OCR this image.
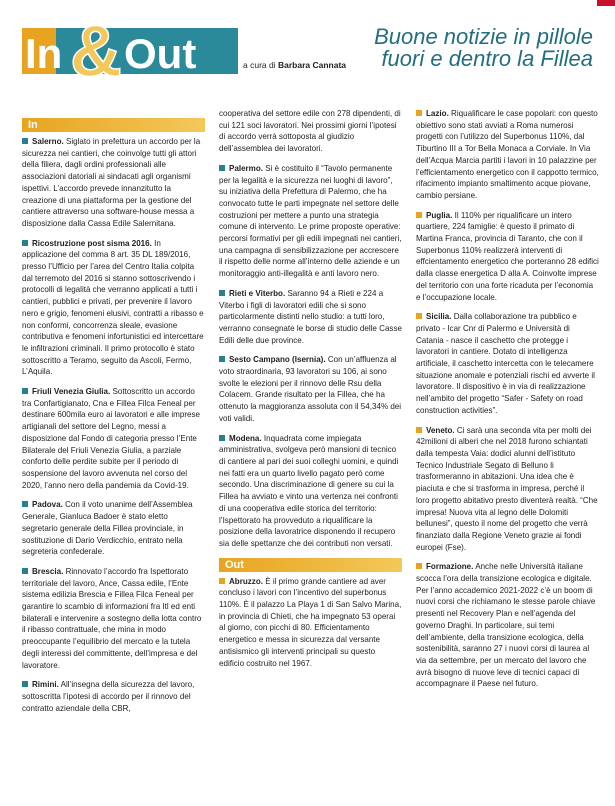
In & Out	a cura di Barbara Cannata
Buone notizie in pillole
fuori e dentro la Fillea
In
Salerno. Siglato in prefettura un accordo per la sicurezza nei cantieri, che coinvolge tutti gli attori della filiera, dagli ordini professionali alle associazioni datoriali ai sindacati agli organismi ispettivi. L’accordo prevede innanzitutto la creazione di una piattaforma per la gestione del cantiere attraverso una software-house messa a disposizione dalla Cassa Edile Salernitana.
Ricostruzione post sisma 2016. In applicazione del comma 8 art. 35 DL 189/2016, presso l’Ufficio per l’area del Centro Italia colpita dal terremoto del 2016 si stanno sottoscrivendo i protocolli di legalità che verranno applicati a tutti i cantieri, pubblici e privati, per prevenire il lavoro nero e grigio, fenomeni elusivi, contratti a ribasso e non conformi, concorrenza sleale, evasione contributiva e fenomeni infortunistici ed intercettare le infiltrazioni criminali. Il primo protocollo è stato sottoscritto a Teramo, seguito da Ascoli, Fermo, L’Aquila.
Friuli Venezia Giulia. Sottoscritto un accordo tra Confartigianato, Cna e Fillea Filca Feneal per destinare 600mila euro ai lavoratori e alle imprese artigianali del settore del Legno, messi a disposizione dal Fondo di categoria presso l’Ente Bilaterale del Friuli Venezia Giulia, a parziale conforto delle perdite subite per il periodo di sospensione del lavoro avvenuta nel corso del 2020, l’anno nero della pandemia da Covid-19.
Padova. Con il voto unanime dell’Assemblea Generale, Gianluca Badoer è stato eletto segretario generale della Fillea provinciale, in sostituzione di Dario Verdicchio, entrato nella segreteria confederale.
Brescia. Rinnovato l’accordo fra Ispettorato territoriale del lavoro, Ance, Cassa edile, l’Ente sistema edilizia Brescia e Fillea Filca Feneal per garantire lo scambio di informazioni fra Itl ed enti bilaterali e intervenire a sostegno della lotta contro il ribasso contrattuale, che mina in modo preoccupante l’equilibrio del mercato e la tutela degli interessi del committente, dell’impresa e del lavoratore.
Rimini. All’insegna della sicurezza del lavoro, sottoscritta l’ipotesi di accordo per il rinnovo del contratto aziendale della CBR,
cooperativa del settore edile con 278 dipendenti, di cui 121 soci lavoratori. Nei prossimi giorni l’ipotesi di accordo verrà sottoposta al giudizio dell’assemblea dei lavoratori.
Palermo. Si è costituito il “Tavolo permanente per la legalità e la sicurezza nei luoghi di lavoro”, su iniziativa della Prefettura di Palermo, che ha convocato tutte le parti impegnate nel settore delle costruzioni per mettere a punto una strategia comune di intervento. Le prime proposte operative: percorsi formativi per gli edili impegnati nei cantieri, una campagna di sensibilizzazione per accrescere il rispetto delle norme all’interno delle aziende e un monitoraggio anti-illegalità e anti lavoro nero.
Rieti e Viterbo. Saranno 94 a Rieti e 224 a Viterbo i figli di lavoratori edili che si sono particolarmente distinti nello studio: a tutti loro, verranno consegnate le borse di studio delle Casse Edili delle due province.
Sesto Campano (Isernia). Con un’affluenza al voto straordinaria, 93 lavoratori su 106, ai sono svolte le elezioni per il rinnovo delle Rsu della Colacem. Grande risultato per la Fillea, che ha ottenuto la maggioranza assoluta con il 54,34% dei voti validi.
Modena. Inquadrata come impiegata amministrativa, svolgeva però mansioni di tecnico di cantiere al pari dei suoi colleghi uomini, e quindi nei fatti era un quarto livello pagato però come secondo. Una discriminazione di genere su cui la Fillea ha avviato e vinto una vertenza nei confronti di una cooperativa edile storica del territorio: l’Ispettorato ha provveduto a riqualificare la posizione della lavoratrice disponendo il recupero sia delle spettanze che dei contributi non versati.
Out
Abruzzo. È il primo grande cantiere ad aver concluso i lavori con l’incentivo del superbonus 110%. È il palazzo La Playa 1 di San Salvo Marina, in provincia di Chieti, che ha impegnato 53 operai al giorno, con picchi di 80. Efficientamento energetico e messa in sicurezza dal versante antisismico gli interventi principali su questo edificio costruito nel 1967.
Lazio. Riqualificare le case popolari: con questo obiettivo sono stati avviati a Roma numerosi progetti con l’utilizzo del Superbonus 110%, dal Tiburtino III a Tor Bella Monaca a Corviale. In Via dell’Acqua Marcia partiti i lavori in 10 palazzine per l’efficientamento energetico con il cappotto termico, rifacimento impianto smaltimento acque piovane, cambio persiane.
Puglia. Il 110% per riqualificare un intero quartiere, 224 famiglie: è questo il primato di Martina Franca, provincia di Taranto, che con il Superbonus 110% realizzerà interventi di effcientamento energetico che porteranno 28 edifici dalla classe energetica D alla A. Coinvolte imprese del territorio con una forte ricaduta per l’economia e l’occupazione locale.
Sicilia. Dalla collaborazione tra pubblico e privato - Icar Cnr di Palermo e Università di Catania - nasce il caschetto che protegge i lavoratori in cantiere. Dotato di intelligenza artificiale, il caschetto intercetta con le telecamere situazione anomale e potenziali rischi ed avverte il lavoratore. Il dispositivo è in via di realizzazione nell’ambito del progetto “Safer - Safety on road construction activities”.
Veneto. Ci sarà una seconda vita per molti dei 42milioni di alberi che nel 2018 furono schiantati dalla tempesta Vaia: dodici alunni dell’istituto Tecnico Industriale Segato di Belluno li trasformeranno in abitazioni. Una idea che è piaciuta e che si trasforma in impresa, perché il loro progetto abitativo presto diventerà realtà. “Che impresa! Nuova vita al legno delle Dolomiti bellunesi”, questo il nome del progetto che verrà finanziato dalla Regione Veneto grazie ai fondi europei (Fse).
Formazione. Anche nelle Università italiane scocca l’ora della transizione ecologica e digitale. Per l’anno accademico 2021-2022 c’è un boom di nuovi corsi che richiamano le stesse parole chiave presenti nel Recovery Plan e nell’agenda del governo Draghi. In particolare, sui temi dell’ambiente, della transizione ecologica, della sostenibilità, saranno 27 i nuovi corsi di laurea al via da settembre, per un mercato del lavoro che avrà bisogno di nuove leve di tecnici capaci di accompagnare il Paese nel futuro.
